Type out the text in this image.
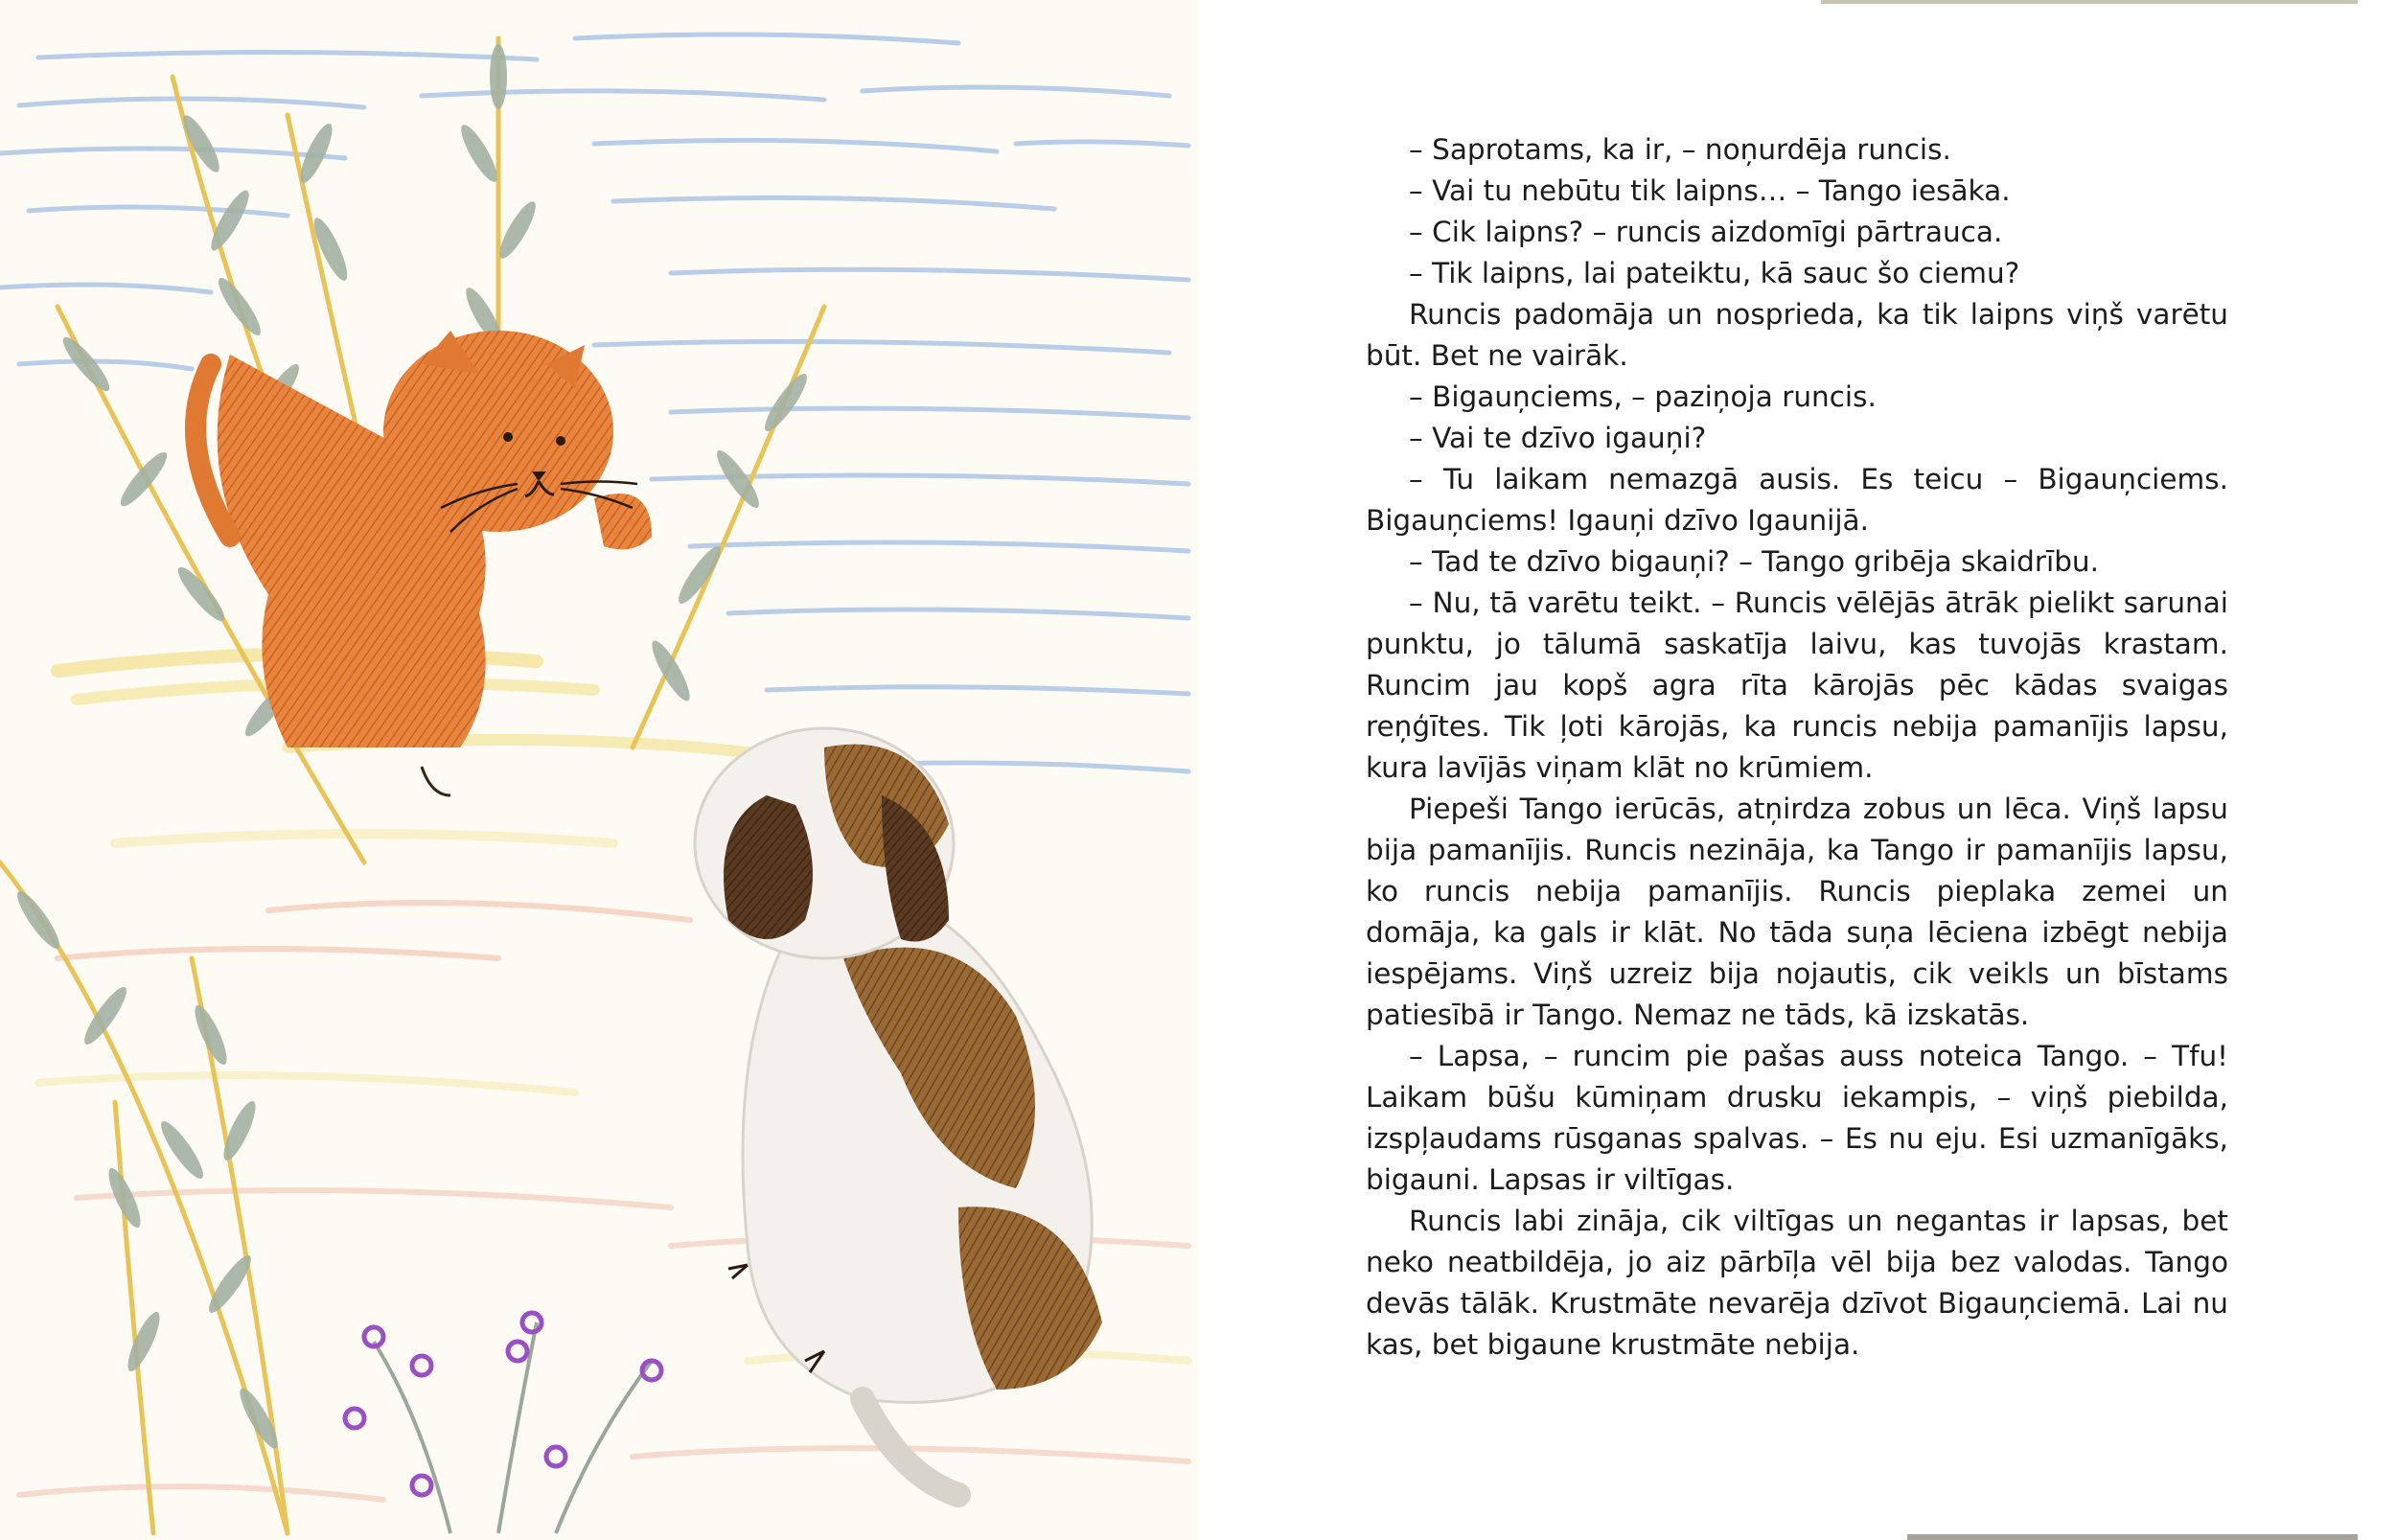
– Saprotams, ka ir, – noņurdēja runcis.

– Vai tu nebūtu tik laipns… – Tango iesāka.

– Cik laipns? – runcis aizdomīgi pārtrauca.

– Tik laipns, lai pateiktu, kā sauc šo ciemu?

Runcis padomāja un nosprieda, ka tik laipns viņš varētu būt. Bet ne vairāk.

– Bigauņciems, – paziņoja runcis.

– Vai te dzīvo igauņi?

– Tu laikam nemazgā ausis. Es teicu – Bigauņciems. Bigauņciems! Igauņi dzīvo Igaunijā.

– Tad te dzīvo bigauņi? – Tango gribēja skaidrību.

– Nu, tā varētu teikt. – Runcis vēlējās ātrāk pielikt sarunai punktu, jo tālumā saskatīja laivu, kas tuvojās krastam. Runcim jau kopš agra rīta kārojās pēc kādas svaigas reņģītes. Tik ļoti kārojās, ka runcis nebija pamanījis lapsu, kura lavījās viņam klāt no krūmiem.

Piepeši Tango ierūcās, atņirdza zobus un lēca. Viņš lapsu bija pamanījis. Runcis nezināja, ka Tango ir pamanījis lapsu, ko runcis nebija pamanījis. Runcis pieplaka zemei un domāja, ka gals ir klāt. No tāda suņa lēciena izbēgt nebija iespējams. Viņš uzreiz bija nojautis, cik veikls un bīstams patiesībā ir Tango. Nemaz ne tāds, kā izskatās.

– Lapsa, – runcim pie pašas auss noteica Tango. – Tfu! Laikam būšu kūmiņam drusku iekampis, – viņš piebilda, izspļaudams rūsganas spalvas. – Es nu eju. Esi uzmanīgāks, bigauni. Lapsas ir viltīgas.

Runcis labi zināja, cik viltīgas un negantas ir lapsas, bet neko neatbildēja, jo aiz pārbīļa vēl bija bez valodas. Tango devās tālāk. Krustmāte nevarēja dzīvot Bigauņciemā. Lai nu kas, bet bigaune krustmāte nebija.
